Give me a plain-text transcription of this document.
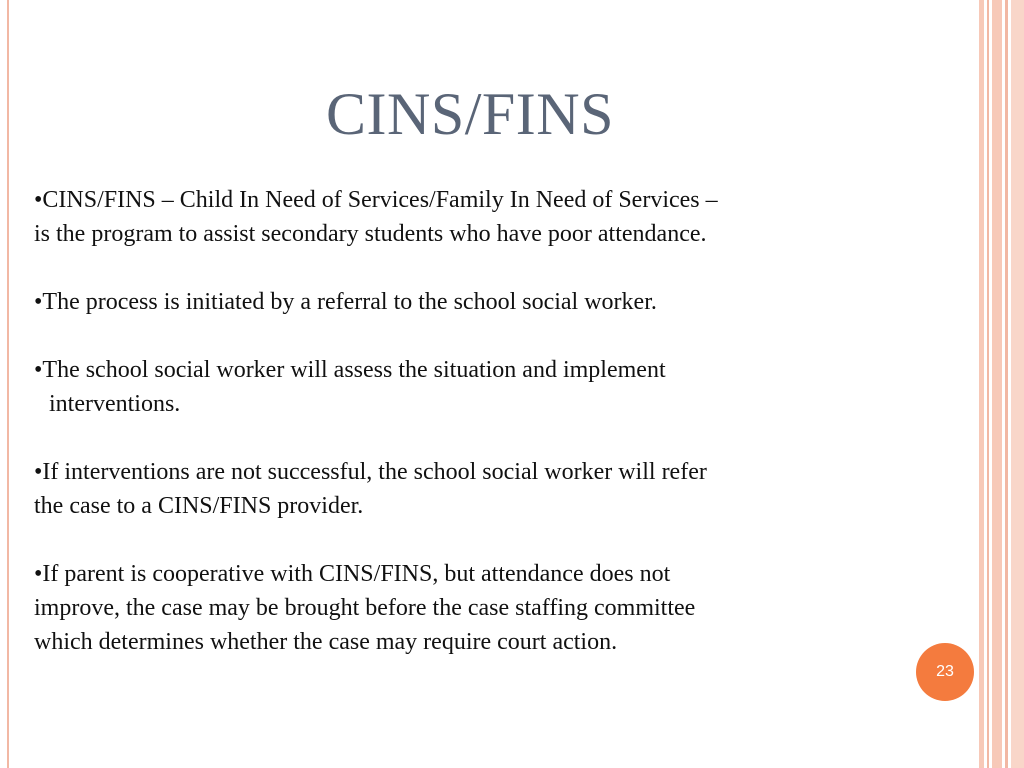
CINS/FINS

•CINS/FINS – Child In Need of Services/Family In Need of Services –
is the program to assist secondary students who have poor attendance.

•The process is initiated by a referral to the school social worker.

•The school social worker will assess the situation and implement
interventions.

•If interventions are not successful, the school social worker will refer
the case to a CINS/FINS provider.

•If parent is cooperative with CINS/FINS, but attendance does not
improve, the case may be brought before the case staffing committee
which determines whether the case may require court action.

23
